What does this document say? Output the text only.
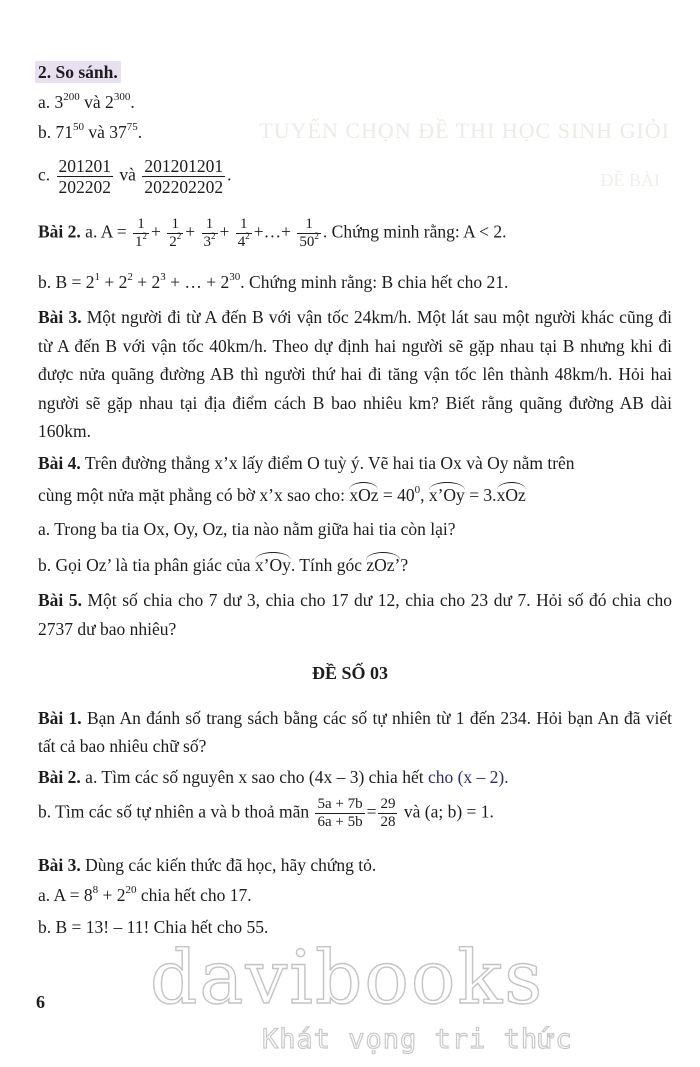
TUYỂN CHỌN ĐỀ THI HỌC SINH GIỎI
ĐỀ BÀI
2. So sánh.
a. $3^{200}$ và $2^{300}$.
b. $71^{50}$ và $37^{75}$.
c. $\frac{201201}{202202}$ và $\frac{201201201}{202202202}$ .
Bài 2. a. $A = \frac{1}{1^2} + \frac{1}{2^2} + \frac{1}{3^2} + \frac{1}{4^2}$ +…+ $\frac{1}{50^2}$ . Chứng minh rằng: A < 2.
b. $B = 2^1 + 2^2 + 2^3$ + … + $2^{30}$. Chứng minh rằng: B chia hết cho 21.
Bài 3. Một người đi từ A đến B với vận tốc 24km/h. Một lát sau một người khác cũng đi từ A đến B với vận tốc 40km/h. Theo dự định hai người sẽ gặp nhau tại B nhưng khi đi được nửa quãng đường AB thì người thứ hai đi tăng vận tốc lên thành 48km/h. Hỏi hai người sẽ gặp nhau tại địa điểm cách B bao nhiêu km? Biết rằng quãng đường AB dài 160km.
Bài 4. Trên đường thẳng x’x lấy điểm O tuỳ ý. Vẽ hai tia Ox và Oy nằm trên
cùng một nửa mặt phẳng có bờ x’x sao cho: xOz = $40^0$, x’Oy = 3.xOz
a. Trong ba tia Ox, Oy, Oz, tia nào nằm giữa hai tia còn lại?
b. Gọi Oz’ là tia phân giác của x’Oy. Tính góc zOz’?
Bài 5. Một số chia cho 7 dư 3, chia cho 17 dư 12, chia cho 23 dư 7. Hỏi số đó chia cho 2737 dư bao nhiêu?
ĐỀ SỐ 03
Bài 1. Bạn An đánh số trang sách bằng các số tự nhiên từ 1 đến 234. Hỏi bạn An đã viết tất cả bao nhiêu chữ số?
Bài 2. a. Tìm các số nguyên x sao cho (4x – 3) chia hết cho (x – 2).
b. Tìm các số tự nhiên a và b thoả mãn $\frac{5a + 7b}{6a + 5b} = \frac{29}{28}$ và (a; b) = 1.
Bài 3. Dùng các kiến thức đã học, hãy chứng tỏ.
a. $A = 8^8 + 2^{20}$ chia hết cho 17.
b. B = 13! – 11! Chia hết cho 55.
davibooks
Khát vọng tri thức
6
